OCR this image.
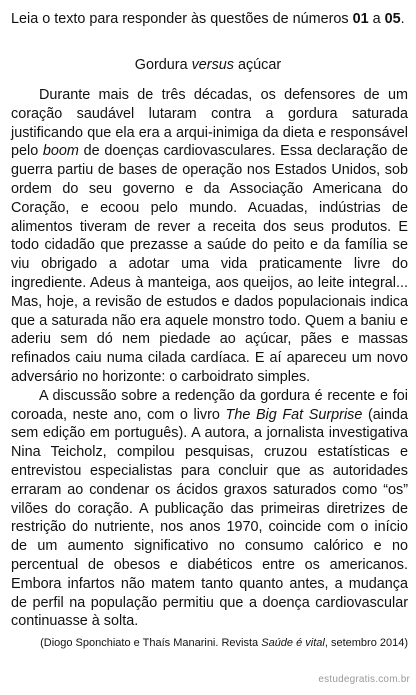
Leia o texto para responder às questões de números 01 a 05.
Gordura versus açúcar

Durante mais de três décadas, os defensores de um coração saudável lutaram contra a gordura saturada justificando que ela era a arqui-inimiga da dieta e responsável pelo boom de doenças cardiovasculares. Essa declaração de guerra partiu de bases de operação nos Estados Unidos, sob ordem do seu governo e da Associação Americana do Coração, e ecoou pelo mundo. Acuadas, indústrias de alimentos tiveram de rever a receita dos seus produtos. E todo cidadão que prezasse a saúde do peito e da família se viu obrigado a adotar uma vida praticamente livre do ingrediente. Adeus à manteiga, aos queijos, ao leite integral... Mas, hoje, a revisão de estudos e dados populacionais indica que a saturada não era aquele monstro todo. Quem a baniu e aderiu sem dó nem piedade ao açúcar, pães e massas refinados caiu numa cilada cardíaca. E aí apareceu um novo adversário no horizonte: o carboidrato simples.

A discussão sobre a redenção da gordura é recente e foi coroada, neste ano, com o livro The Big Fat Surprise (ainda sem edição em português). A autora, a jornalista investigativa Nina Teicholz, compilou pesquisas, cruzou estatísticas e entrevistou especialistas para concluir que as autoridades erraram ao condenar os ácidos graxos saturados como “os” vilões do coração. A publicação das primeiras diretrizes de restrição do nutriente, nos anos 1970, coincide com o início de um aumento significativo no consumo calórico e no percentual de obesos e diabéticos entre os americanos. Embora infartos não matem tanto quanto antes, a mudança de perfil na população permitiu que a doença cardiovascular continuasse à solta.

(Diogo Sponchiato e Thaís Manarini. Revista Saúde é vital, setembro 2014)
estudegratis.com.br
